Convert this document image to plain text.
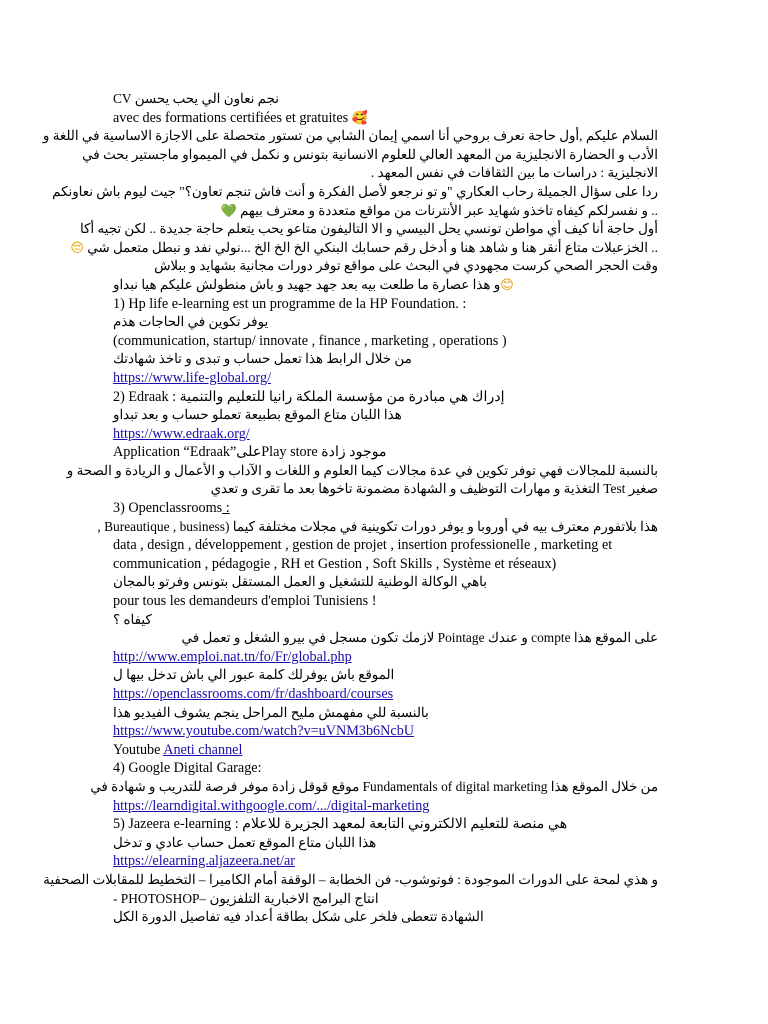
CV نجم نعاون الي يحب يحسن
avec des formations certifiées et gratuites 🥰
السلام عليكم ,أول حاجة نعرف بروحي أنا اسمي إيمان الشابي من تستور متحصلة على الاجازة الاساسية في اللغة و
الأدب و الحضارة الانجليزية من المعهد العالي للعلوم الانسانية بتونس و نكمل في الميمواو ماجستير بحث في
الانجليزية : دراسات ما بين الثقافات في نفس المعهد .
ردا على سؤال الجميلة رحاب العكاري "و تو نرجعو لأصل الفكرة و أنت فاش تنجم تعاون؟" جيت ليوم باش نعاونكم
.. و نفسرلكم كيفاه تاخذو شهايد عبر الأنترنات من مواقع متعددة و معترف بيهم 💚
أول حاجة أنا كيف أي مواطن تونسي يحل البيسي و الا التاليفون متاعو يحب يتعلم حاجة جديدة .. لكن تجيه أكا
.. الخزعبلات متاع أنقر هنا و شاهد هنا و أدخل رقم حسابك البنكي الخ الخ الخ ...نولي نفد و نبطل متعمل شي 😔
وقت الحجر الصحي كرست مجهودي في البحث على مواقع توفر دورات مجانية بشهايد و ببلاش
😊و هذا عصارة ما طلعت بيه بعد جهد جهيد و باش منطولش عليكم هيا نبداو
1) Hp life e-learning est un programme de la HP Foundation. :
يوفر تكوين في الحاجات هذم
(communication, startup/ innovate , finance , marketing , operations )
من خلال الرابط هذا تعمل حساب و تبدى و تاخذ شهادتك
https://www.life-global.org/
2) Edraak : إدراك هي مبادرة من مؤسسة الملكة رانيا للتعليم والتنمية
هذا اللبان متاع الموقع بطبيعة تعملو حساب و بعد تبداو
https://www.edraak.org/
Application “Edraak”علىPlay store موجود زادة
بالنسبة للمجالات فهي توفر تكوين في عدة مجالات كيما العلوم و اللغات و الآداب و الأعمال و الريادة و الصحة و
صغير Test التغذية و مهارات التوظيف و الشهادة مضمونة تاخوها بعد ما تقرى و تعدي
3) Openclassrooms :
هذا بلاتفورم معترف بيه في أوروبا و يوفر دورات تكوينية في مجلات مختلفة كيما (Bureautique , business ,
data , design , développement , gestion de projet , insertion professionelle , marketing et
communication , pédagogie , RH et Gestion , Soft Skills , Système et réseaux)
باهي الوكالة الوطنية للتشغيل و العمل المستقل بتونس وفرتو بالمجان
pour tous les demandeurs d'emploi Tunisiens !
كيفاه ؟
على الموقع هذا compte و عندك Pointage لازمك تكون مسجل في بيرو الشغل و تعمل في
http://www.emploi.nat.tn/fo/Fr/global.php
الموقع باش يوفرلك كلمة عبور الي باش تدخل بيها ل
https://openclassrooms.com/fr/dashboard/courses
بالنسبة للي مفهمش مليح المراحل ينجم يشوف الفيديو هذا
https://www.youtube.com/watch?v=uVNM3b6NcbU
Youtube Aneti channel
4) Google Digital Garage:
من خلال الموقع هذا Fundamentals of digital marketing موقع قوقل زادة موفر فرصة للتدريب و شهادة في
https://learndigital.withgoogle.com/.../digital-marketing
5) Jazeera e-learning : هي منصة للتعليم الالكتروني التابعة لمعهد الجزيرة للاعلام
هذا اللبان متاع الموقع تعمل حساب عادي و تدخل
https://elearning.aljazeera.net/ar
و هذي لمحة على الدورات الموجودة : فوتوشوب- فن الخطابة – الوقفة أمام الكاميرا – التخطيط للمقابلات الصحفية
- PHOTOSHOP– انتاج البرامج الاخبارية التلفزيون
الشهادة تتعطى فلخر على شكل بطاقة أعداد فيه تفاصيل الدورة الكل
